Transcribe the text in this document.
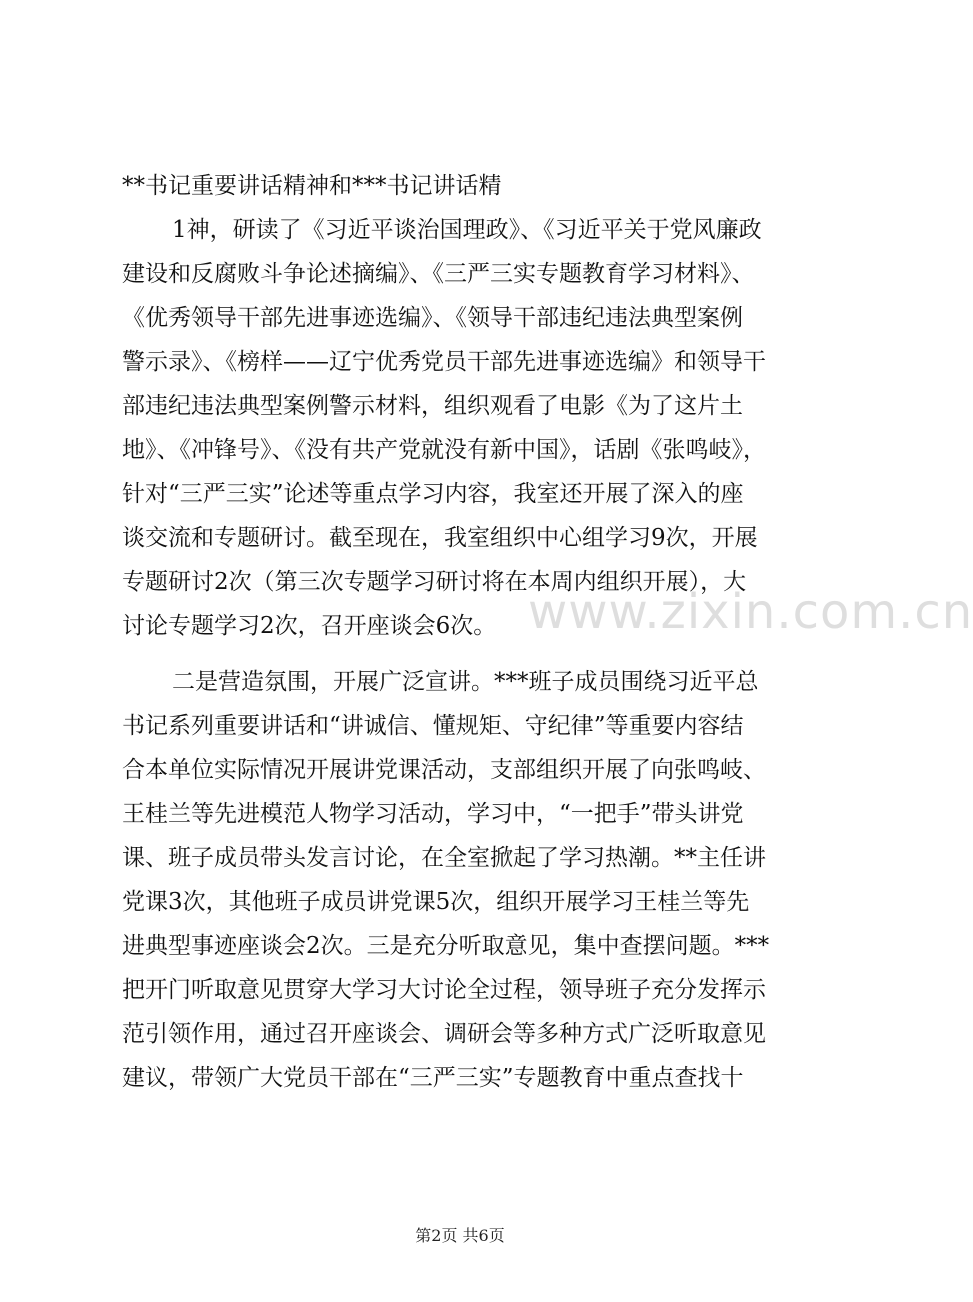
www.zixin.com.cn
**书记重要讲话精神和***书记讲话精
1神，研读了《习近平谈治国理政》、《习近平关于党风廉政
建设和反腐败斗争论述摘编》、《三严三实专题教育学习材料》、
《优秀领导干部先进事迹选编》、《领导干部违纪违法典型案例
警示录》、《榜样——辽宁优秀党员干部先进事迹选编》和领导干
部违纪违法典型案例警示材料，组织观看了电影《为了这片土
地》、《冲锋号》、《没有共产党就没有新中国》，话剧《张鸣岐》，
针对“三严三实”论述等重点学习内容，我室还开展了深入的座
谈交流和专题研讨。截至现在，我室组织中心组学习9次，开展
专题研讨2次（第三次专题学习研讨将在本周内组织开展），大
讨论专题学习2次，召开座谈会6次。
二是营造氛围，开展广泛宣讲。***班子成员围绕习近平总
书记系列重要讲话和“讲诚信、懂规矩、守纪律”等重要内容结
合本单位实际情况开展讲党课活动，支部组织开展了向张鸣岐、
王桂兰等先进模范人物学习活动，学习中，“一把手”带头讲党
课、班子成员带头发言讨论，在全室掀起了学习热潮。**主任讲
党课3次，其他班子成员讲党课5次，组织开展学习王桂兰等先
进典型事迹座谈会2次。三是充分听取意见，集中查摆问题。***
把开门听取意见贯穿大学习大讨论全过程，领导班子充分发挥示
范引领作用，通过召开座谈会、调研会等多种方式广泛听取意见
建议，带领广大党员干部在“三严三实”专题教育中重点查找十
第2页 共6页
